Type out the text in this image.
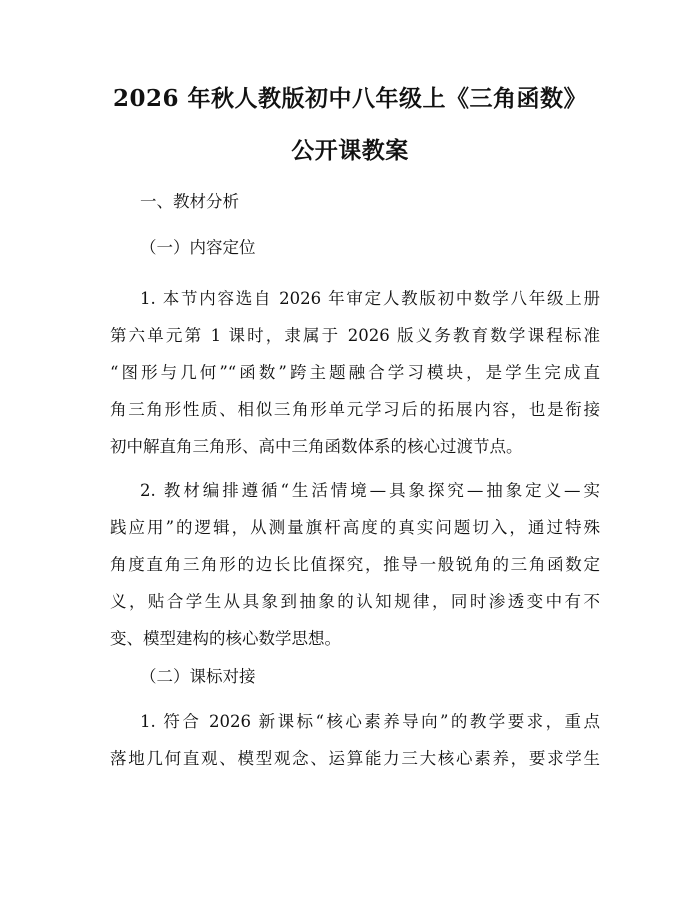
2026 年秋人教版初中八年级上《三角函数》
公开课教案
一、教材分析
（一）内容定位
1. 本节内容选自 2026 年审定人教版初中数学八年级上册
第六单元第 1 课时，隶属于 2026 版义务教育数学课程标准
“图形与几何”“函数”跨主题融合学习模块，是学生完成直
角三角形性质、相似三角形单元学习后的拓展内容，也是衔接
初中解直角三角形、高中三角函数体系的核心过渡节点。
2. 教材编排遵循“生活情境—具象探究—抽象定义—实
践应用”的逻辑，从测量旗杆高度的真实问题切入，通过特殊
角度直角三角形的边长比值探究，推导一般锐角的三角函数定
义，贴合学生从具象到抽象的认知规律，同时渗透变中有不
变、模型建构的核心数学思想。
（二）课标对接
1. 符合 2026 新课标“核心素养导向”的教学要求，重点
落地几何直观、模型观念、运算能力三大核心素养，要求学生
